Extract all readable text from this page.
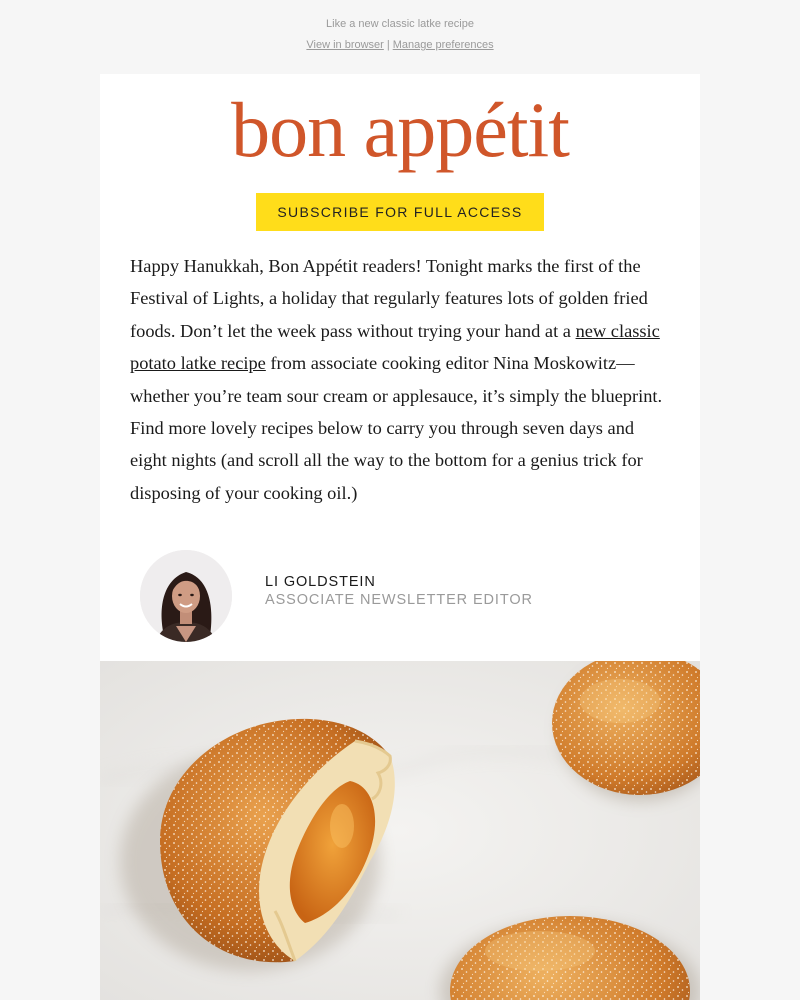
Like a new classic latke recipe
View in browser | Manage preferences
bon appétit
SUBSCRIBE FOR FULL ACCESS

Happy Hanukkah, Bon Appétit readers! Tonight marks the first of the Festival of Lights, a holiday that regularly features lots of golden fried foods. Don’t let the week pass without trying your hand at a new classic potato latke recipe from associate cooking editor Nina Moskowitz—whether you’re team sour cream or applesauce, it’s simply the blueprint. Find more lovely recipes below to carry you through seven days and eight nights (and scroll all the way to the bottom for a genius trick for disposing of your cooking oil.)

LI GOLDSTEIN
ASSOCIATE NEWSLETTER EDITOR
